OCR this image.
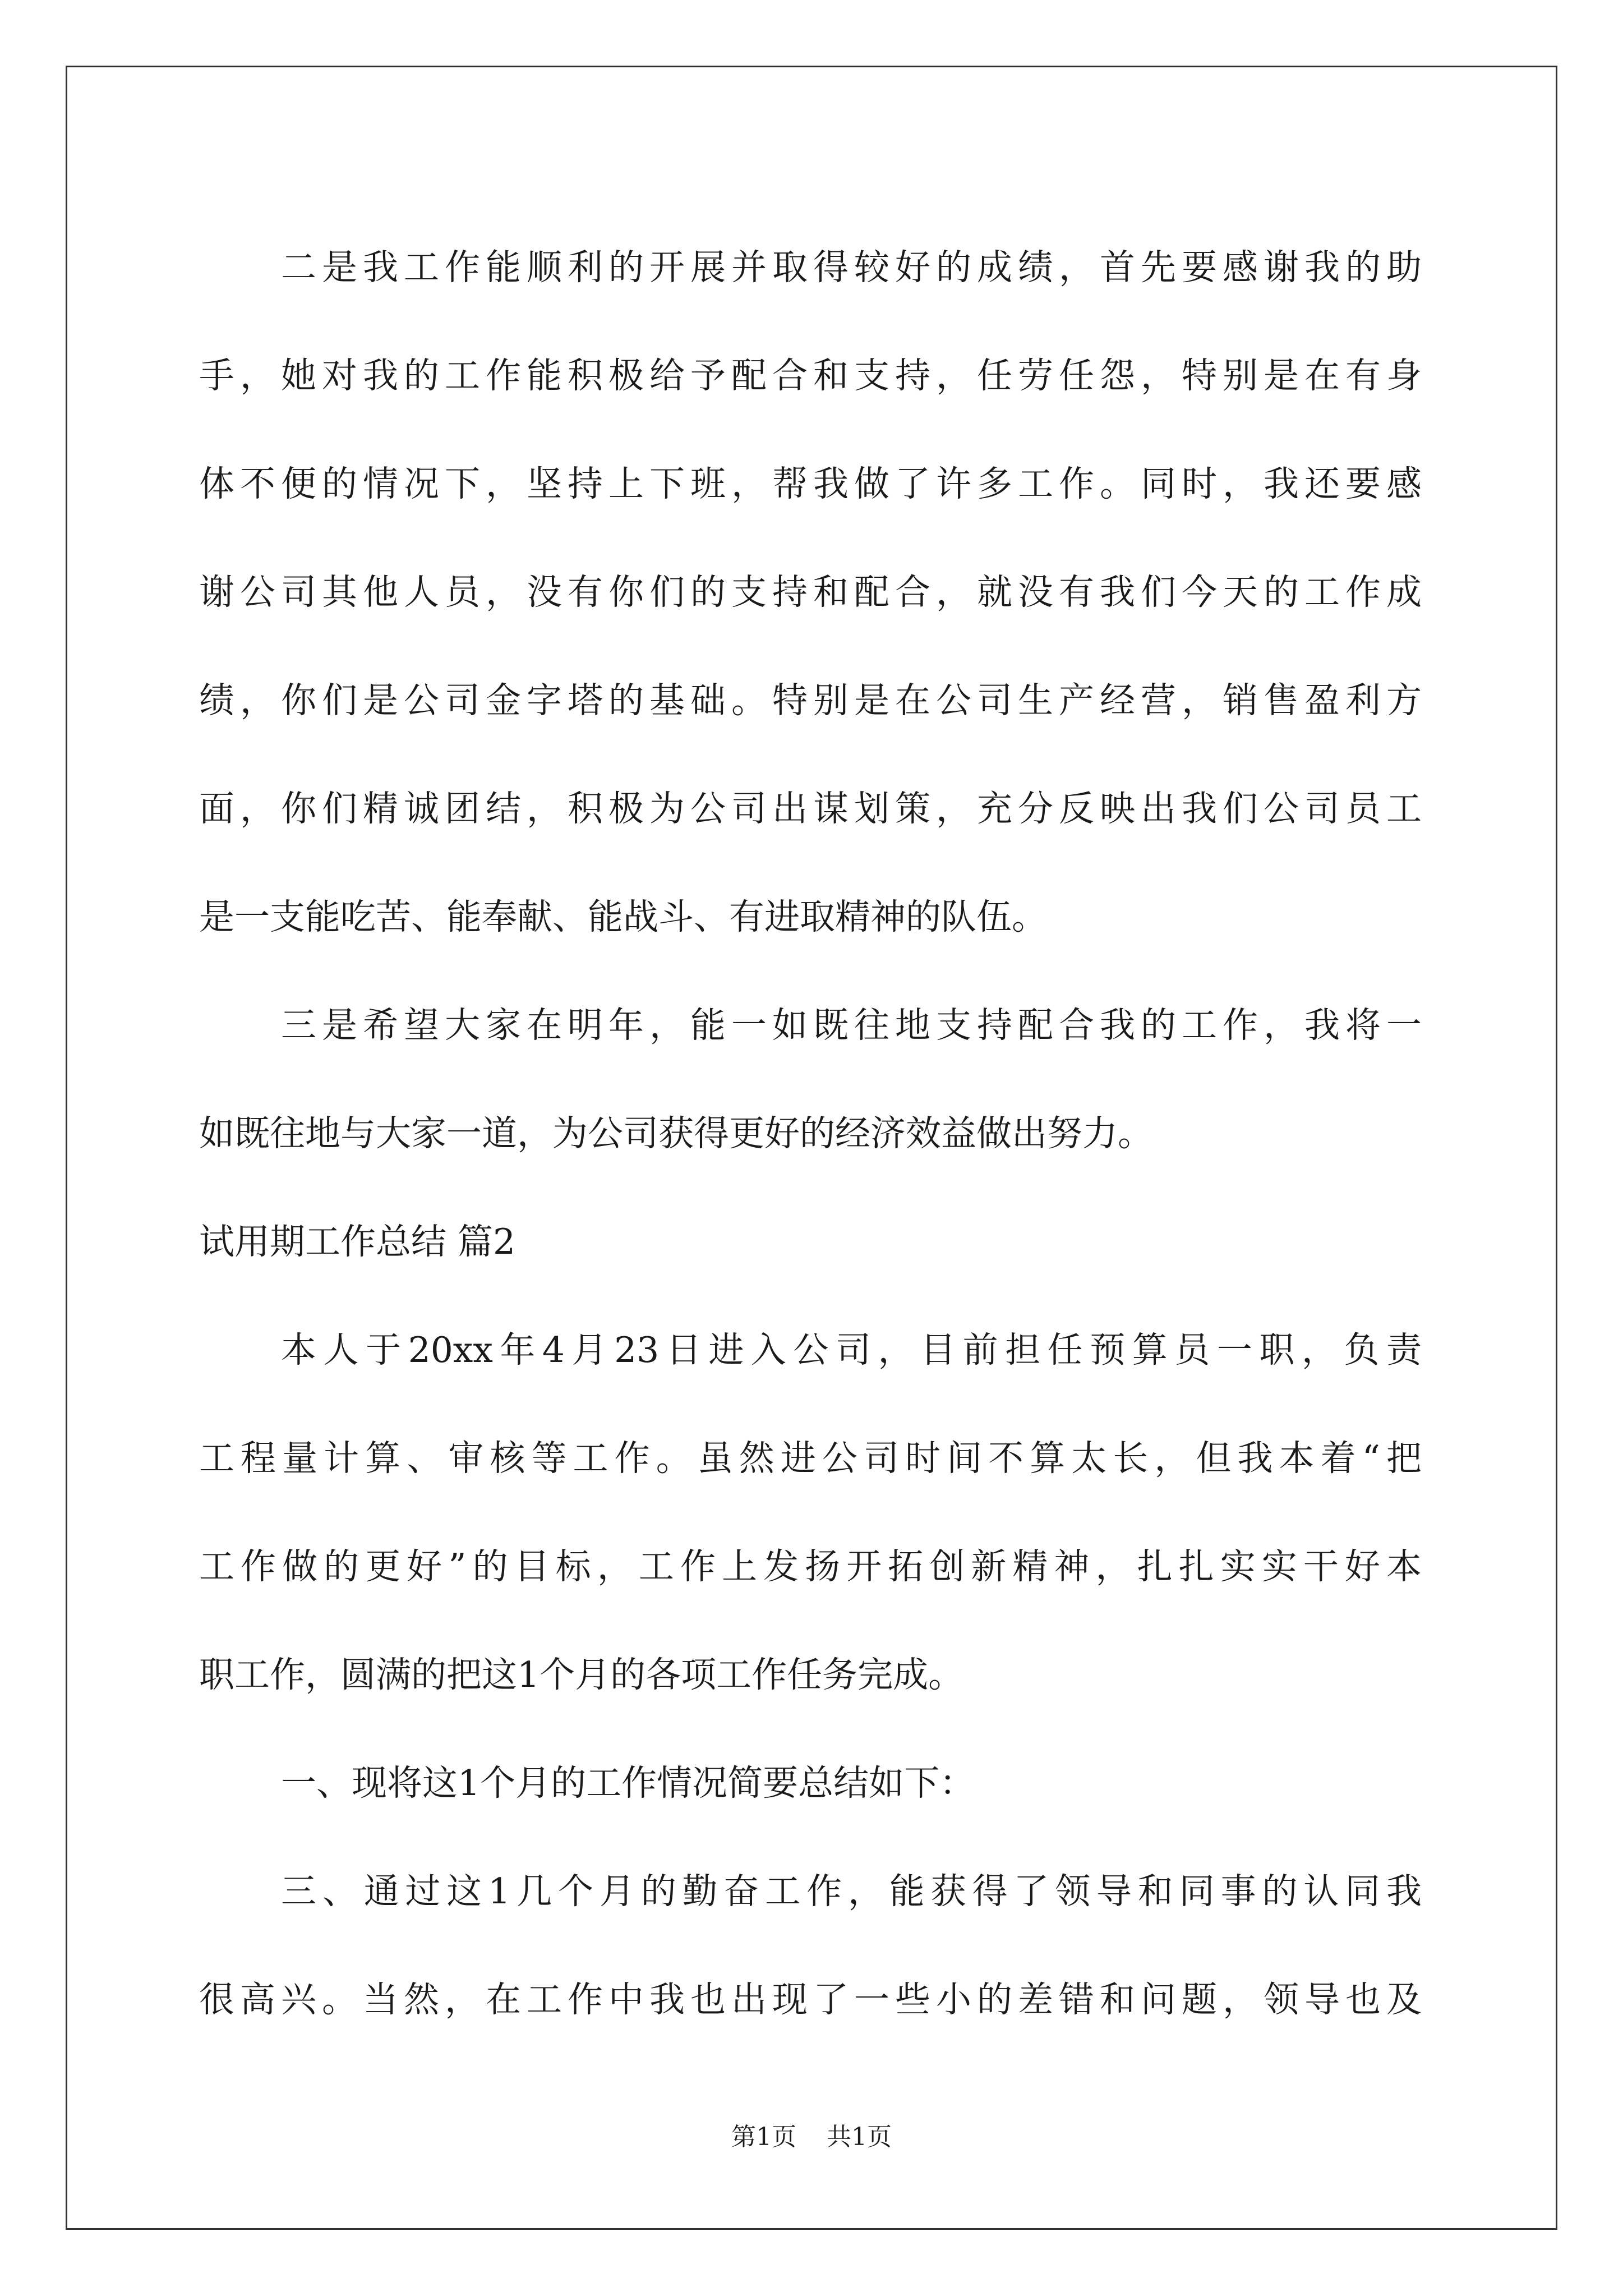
二是我工作能顺利的开展并取得较好的成绩，首先要感谢我的助
手，她对我的工作能积极给予配合和支持，任劳任怨，特别是在有身
体不便的情况下，坚持上下班，帮我做了许多工作。同时，我还要感
谢公司其他人员，没有你们的支持和配合，就没有我们今天的工作成
绩，你们是公司金字塔的基础。特别是在公司生产经营，销售盈利方
面，你们精诚团结，积极为公司出谋划策，充分反映出我们公司员工
是一支能吃苦、能奉献、能战斗、有进取精神的队伍。
三是希望大家在明年，能一如既往地支持配合我的工作，我将一
如既往地与大家一道，为公司获得更好的经济效益做出努力。
试用期工作总结 篇2
本人于20xx年4月23日进入公司，目前担任预算员一职，负责
工程量计算、审核等工作。虽然进公司时间不算太长，但我本着“把
工作做的更好”的目标，工作上发扬开拓创新精神，扎扎实实干好本
职工作，圆满的把这1个月的各项工作任务完成。
一、现将这1个月的工作情况简要总结如下：
三、通过这1几个月的勤奋工作，能获得了领导和同事的认同我
很高兴。当然，在工作中我也出现了一些小的差错和问题，领导也及
第1页 共1页
